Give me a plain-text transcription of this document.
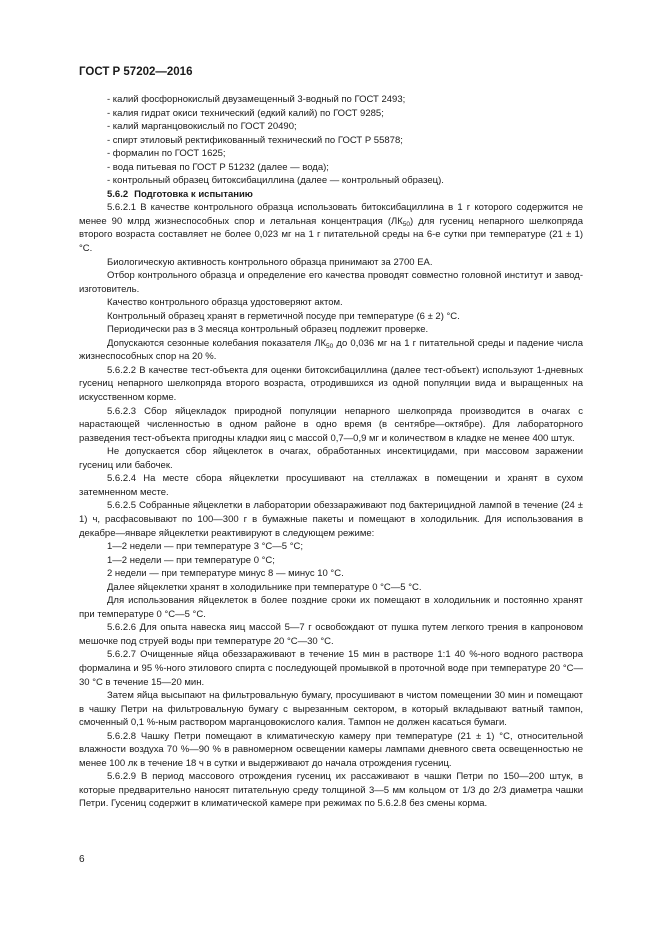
ГОСТ Р 57202—2016

- калий фосфорнокислый двузамещенный 3-водный по ГОСТ 2493;

- калия гидрат окиси технический (едкий калий) по ГОСТ 9285;

- калий марганцовокислый по ГОСТ 20490;

- спирт этиловый ректификованный технический по ГОСТ Р 55878;

- формалин по ГОСТ 1625;

- вода питьевая по ГОСТ Р 51232 (далее — вода);

- контрольный образец битоксибациллина (далее — контрольный образец).

5.6.2 Подготовка к испытанию

5.6.2.1 В качестве контрольного образца использовать битоксибациллина в 1 г которого содержится не менее 90 млрд жизнеспособных спор и летальная концентрация $(ЛК_{50})$ для гусениц непарного шелкопряда второго возраста составляет не более 0,023 мг на 1 г питательной среды на 6-е сутки при температуре (21 ± 1) °С.

Биологическую активность контрольного образца принимают за 2700 ЕА.

Отбор контрольного образца и определение его качества проводят совместно головной институт и завод-изготовитель.

Качество контрольного образца удостоверяют актом.

Контрольный образец хранят в герметичной посуде при температуре (6 ± 2) °С.

Периодически раз в 3 месяца контрольный образец подлежит проверке.

Допускаются сезонные колебания показателя $ЛК_{50}$ до 0,036 мг на 1 г питательной среды и падение числа жизнеспособных спор на 20 %.

5.6.2.2 В качестве тест-объекта для оценки битоксибациллина (далее тест-объект) используют 1-дневных гусениц непарного шелкопряда второго возраста, отродившихся из одной популяции вида и выращенных на искусственном корме.

5.6.2.3 Сбор яйцекладок природной популяции непарного шелкопряда производится в очагах с нарастающей численностью в одном районе в одно время (в сентябре—октябре). Для лабораторного разведения тест-объекта пригодны кладки яиц с массой 0,7—0,9 мг и количеством в кладке не менее 400 штук.

Не допускается сбор яйцеклеток в очагах, обработанных инсектицидами, при массовом заражении гусениц или бабочек.

5.6.2.4 На месте сбора яйцеклетки просушивают на стеллажах в помещении и хранят в сухом затемненном месте.

5.6.2.5 Собранные яйцеклетки в лаборатории обеззараживают под бактерицидной лампой в течение (24 ± 1) ч, расфасовывают по 100—300 г в бумажные пакеты и помещают в холодильник. Для использования в декабре—январе яйцеклетки реактивируют в следующем режиме:

1—2 недели — при температуре 3 °С—5 °С;

1—2 недели — при температуре 0 °С;

2 недели — при температуре минус 8 — минус 10 °С.

Далее яйцеклетки хранят в холодильнике при температуре 0 °С—5 °С.

Для использования яйцеклеток в более поздние сроки их помещают в холодильник и постоянно хранят при температуре 0 °С—5 °С.

5.6.2.6 Для опыта навеска яиц массой 5—7 г освобождают от пушка путем легкого трения в капроновом мешочке под струей воды при температуре 20 °С—30 °С.

5.6.2.7 Очищенные яйца обеззараживают в течение 15 мин в растворе 1:1 40 %-ного водного раствора формалина и 95 %-ного этилового спирта с последующей промывкой в проточной воде при температуре 20 °С—30 °С в течение 15—20 мин.

Затем яйца высыпают на фильтровальную бумагу, просушивают в чистом помещении 30 мин и помещают в чашку Петри на фильтровальную бумагу с вырезанным сектором, в который вкладывают ватный тампон, смоченный 0,1 %-ным раствором марганцовокислого калия. Тампон не должен касаться бумаги.

5.6.2.8 Чашку Петри помещают в климатическую камеру при температуре (21 ± 1) °С, относительной влажности воздуха 70 %—90 % в равномерном освещении камеры лампами дневного света освещенностью не менее 100 лк в течение 18 ч в сутки и выдерживают до начала отрождения гусениц.

5.6.2.9 В период массового отрождения гусениц их рассаживают в чашки Петри по 150—200 штук, в которые предварительно наносят питательную среду толщиной 3—5 мм кольцом от 1/3 до 2/3 диаметра чашки Петри. Гусениц содержит в климатической камере при режимах по 5.6.2.8 без смены корма.

6
